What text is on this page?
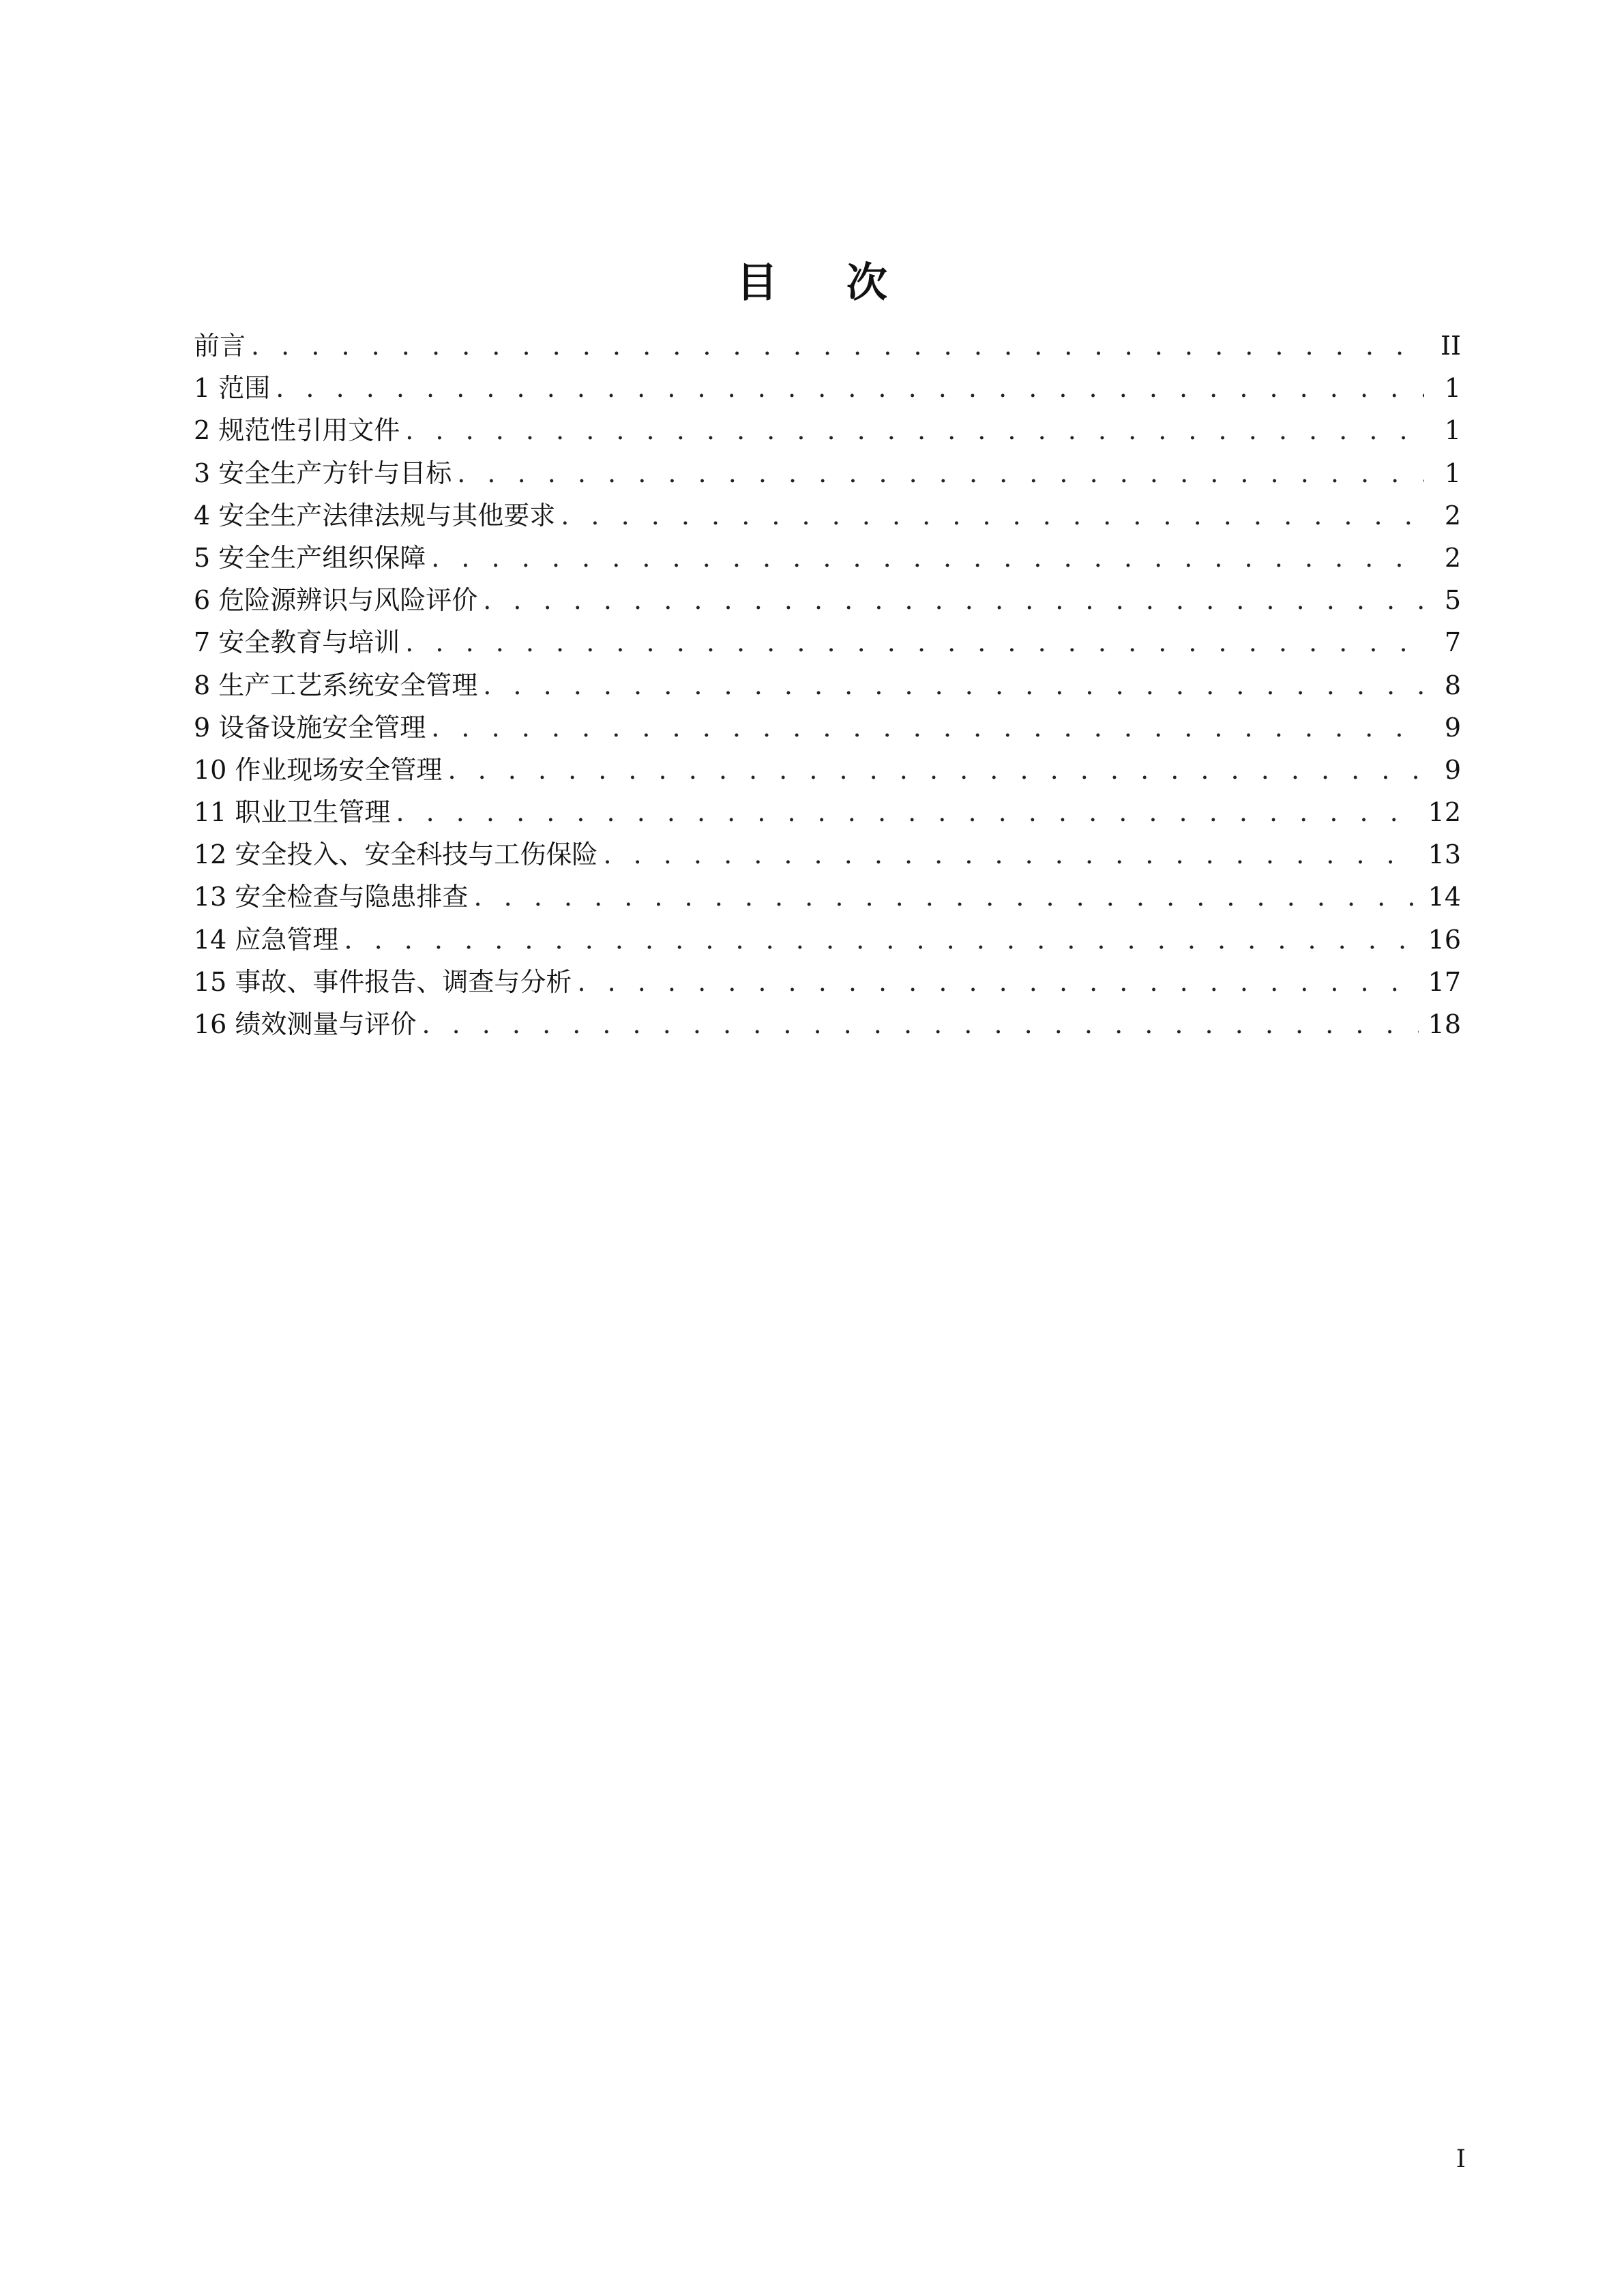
目 次
前言 . . .	II
1 范围 . . .	1
2 规范性引用文件 . . .	1
3 安全生产方针与目标 . . .	1
4 安全生产法律法规与其他要求 . . .	2
5 安全生产组织保障 . . .	2
6 危险源辨识与风险评价 . . .	5
7 安全教育与培训 . . .	7
8 生产工艺系统安全管理 . . .	8
9 设备设施安全管理 . . .	9
10 作业现场安全管理 . . .	9
11 职业卫生管理 . . .	12
12 安全投入、安全科技与工伤保险 . . .	13
13 安全检查与隐患排查 . . .	14
14 应急管理 . . .	16
15 事故、事件报告、调查与分析 . . .	17
16 绩效测量与评价 . . .	18
I
